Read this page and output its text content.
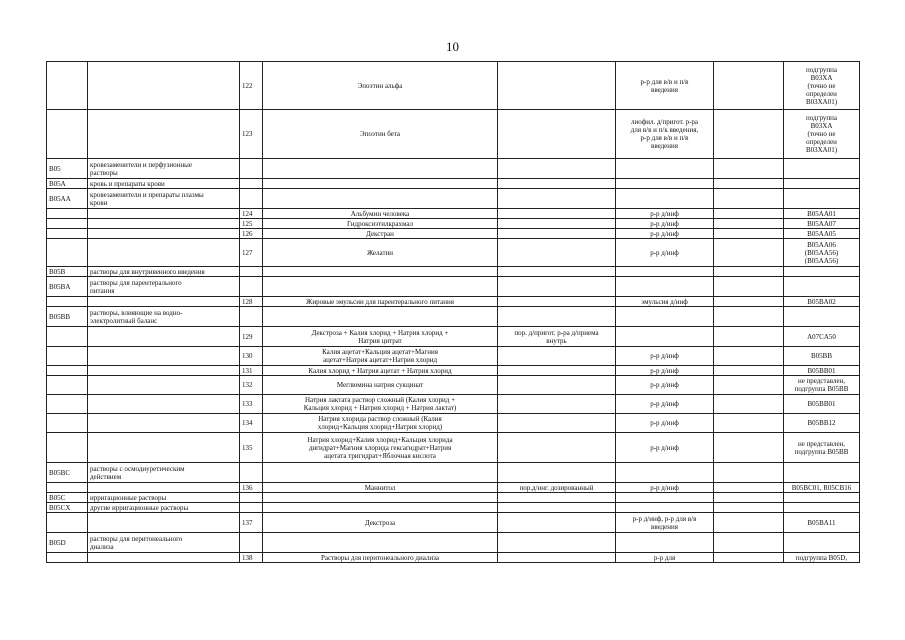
10
		122	Эпоэтин альфа		р-р для в/в и п/в
введения		подгруппа
B03XA
(точно не
определен
B03XA01)

		123	Эпоэтин бета		лиофил. д/пригот. р-ра
для в/в и п/к введения,
р-р для в/в и п/в
введения		подгруппа
B03XA
(точно не
определен
B03XA01)

B05	кровезаменители и перфузионные
растворы						

B05A	кровь и препараты крови						

B05AA	кровезаменители и препараты плазмы
крови						

		124	Альбумин человека		р-р д/инф		B05AA01

		125	Гидроксиэтилкрахмал		р-р д/инф		B05AA07

		126	Декстран		р-р д/инф		B05AA05

		127	Желатин		р-р д/инф		B05AA06
(B05AA56)
(B05AA56)

B05B	растворы для внутривенного введения						

B05BA	растворы для парентерального
питания						

		128	Жировые эмульсии для парентерального питания		эмульсия д/инф		B05BA02

B05BB	растворы, влияющие на водно-
электролитный баланс						

		129	Декстроза + Калия хлорид + Натрия хлорид +
Натрия цитрат	пор. д/пригот. р-ра д/приема
внутрь			A07CA50

		130	Калия ацетат+Кальция ацетат+Магния
ацетат+Натрия ацетат+Натрия хлорид		р-р д/инф		B05BB

		131	Калия хлорид + Натрия ацетат + Натрия хлорид		р-р д/инф		B05BB01

		132	Меглюмина натрия сукцинат		р-р д/инф		не представлен,
подгруппа B05BB

		133	Натрия лактата раствор сложный (Калия хлорид +
Кальция хлорид + Натрия хлорид + Натрия лактат)		р-р д/инф		B05BB01

		134	Натрия хлорида раствор сложный (Калия
хлорид+Кальция хлорид+Натрия хлорид)		р-р д/инф		B05BB12

		135	Натрия хлорид+Калия хлорид+Кальция хлорида
дигидрат+Магния хлорида гексагидрат+Натрия
ацетата тригидрат+Яблочная кислота		р-р д/инф		не представлен,
подгруппа B05BB

B05BC	растворы с осмодиуретическим
действием						

		136	Маннитол	пор.д/инг. дозированный	р-р д/инф		B05BC01, R05CB16

B05C	ирригационные растворы						

B05CX	другие ирригационные растворы						

		137	Декстроза		р-р д/инф, р-р для в/в
введения		B05BA11

B05D	растворы для перитонеального
диализа						

		138	Растворы для перитонеального диализа		р-р для		подгруппа B05D,
